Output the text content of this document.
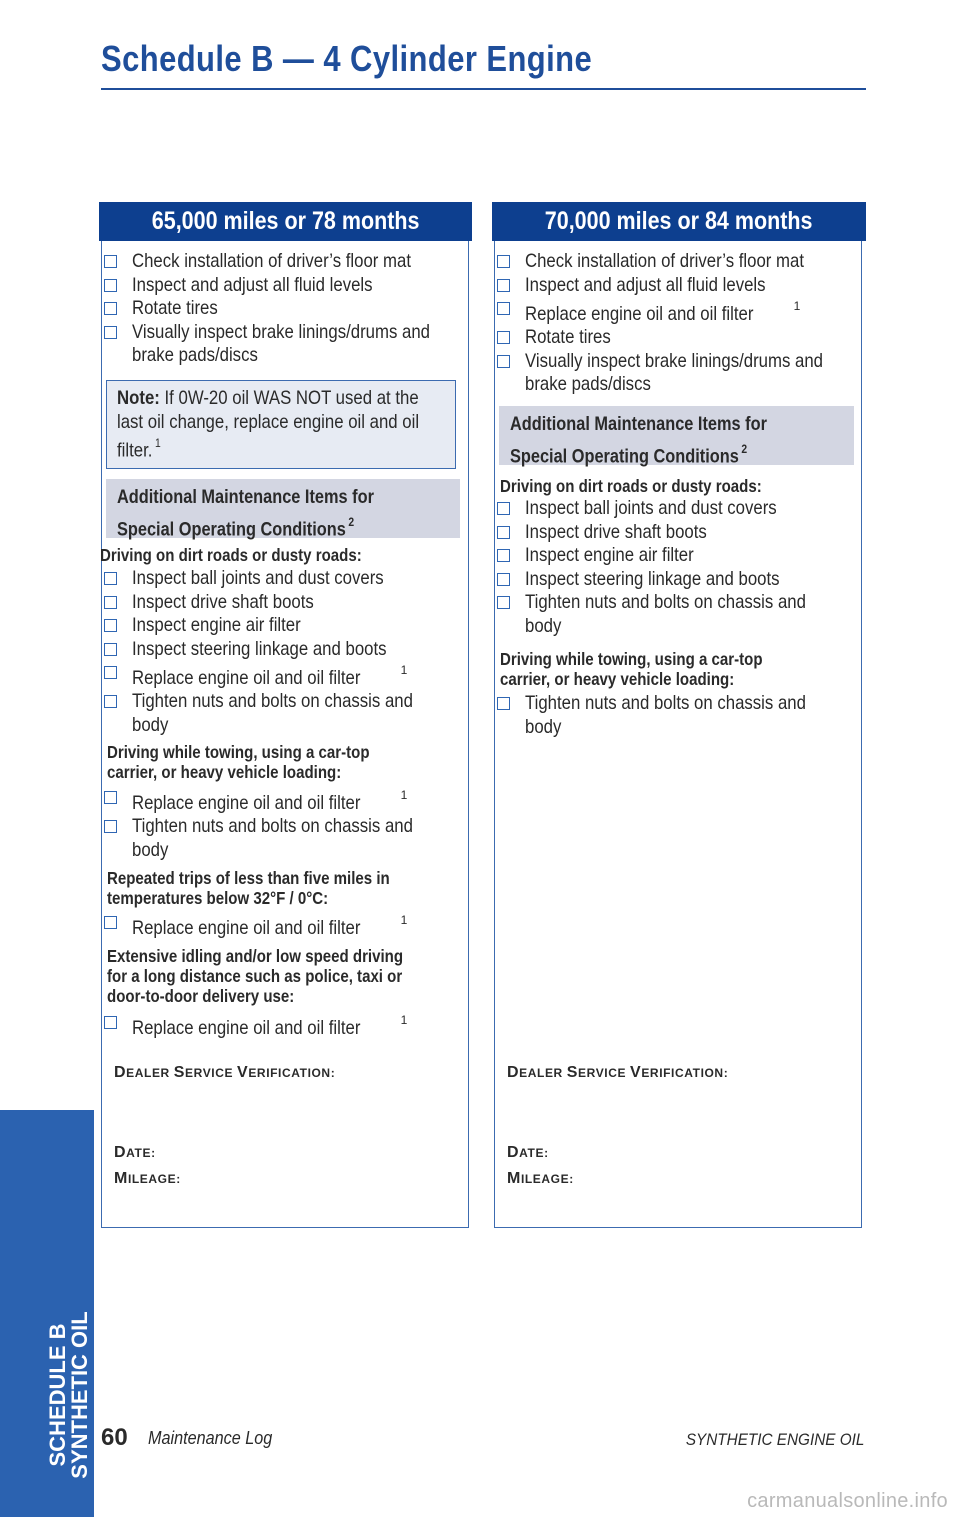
Schedule B — 4 Cylinder Engine
65,000 miles or 78 months	70,000 miles or 84 months
Check installation of driver’s floor mat
Inspect and adjust all fluid levels
Rotate tires
Visually inspect brake linings/drums and
brake pads/discs
Note: If 0W-20 oil WAS NOT used at the last oil change, replace engine oil and oil filter. $^1$
Additional Maintenance Items for
Special Operating Conditions $^2$
Driving on dirt roads or dusty roads:
Inspect ball joints and dust covers
Inspect drive shaft boots
Inspect engine air filter
Inspect steering linkage and boots
Replace engine oil and oil filter	$^1$
Tighten nuts and bolts on chassis and
body
Driving while towing, using a car-top
carrier, or heavy vehicle loading:
Replace engine oil and oil filter	$^1$
Tighten nuts and bolts on chassis and
body
Repeated trips of less than five miles in
temperatures below 32°F / 0°C:
Replace engine oil and oil filter	$^1$
Extensive idling and/or low speed driving
for a long distance such as police, taxi or
door-to-door delivery use:
Replace engine oil and oil filter	$^1$
DEALER SERVICE VERIFICATION:
DATE:
MILEAGE:
Check installation of driver’s floor mat
Inspect and adjust all fluid levels
Replace engine oil and oil filter	$^1$
Rotate tires
Visually inspect brake linings/drums and
brake pads/discs
Additional Maintenance Items for
Special Operating Conditions $^2$
Driving on dirt roads or dusty roads:
Inspect ball joints and dust covers
Inspect drive shaft boots
Inspect engine air filter
Inspect steering linkage and boots
Tighten nuts and bolts on chassis and
body
Driving while towing, using a car-top
carrier, or heavy vehicle loading:
Tighten nuts and bolts on chassis and
body
DEALER SERVICE VERIFICATION:
DATE:
MILEAGE:
SCHEDULE B
SYNTHETIC OIL 60 Maintenance Log	SYNTHETIC ENGINE OIL
carmanualsonline.info
